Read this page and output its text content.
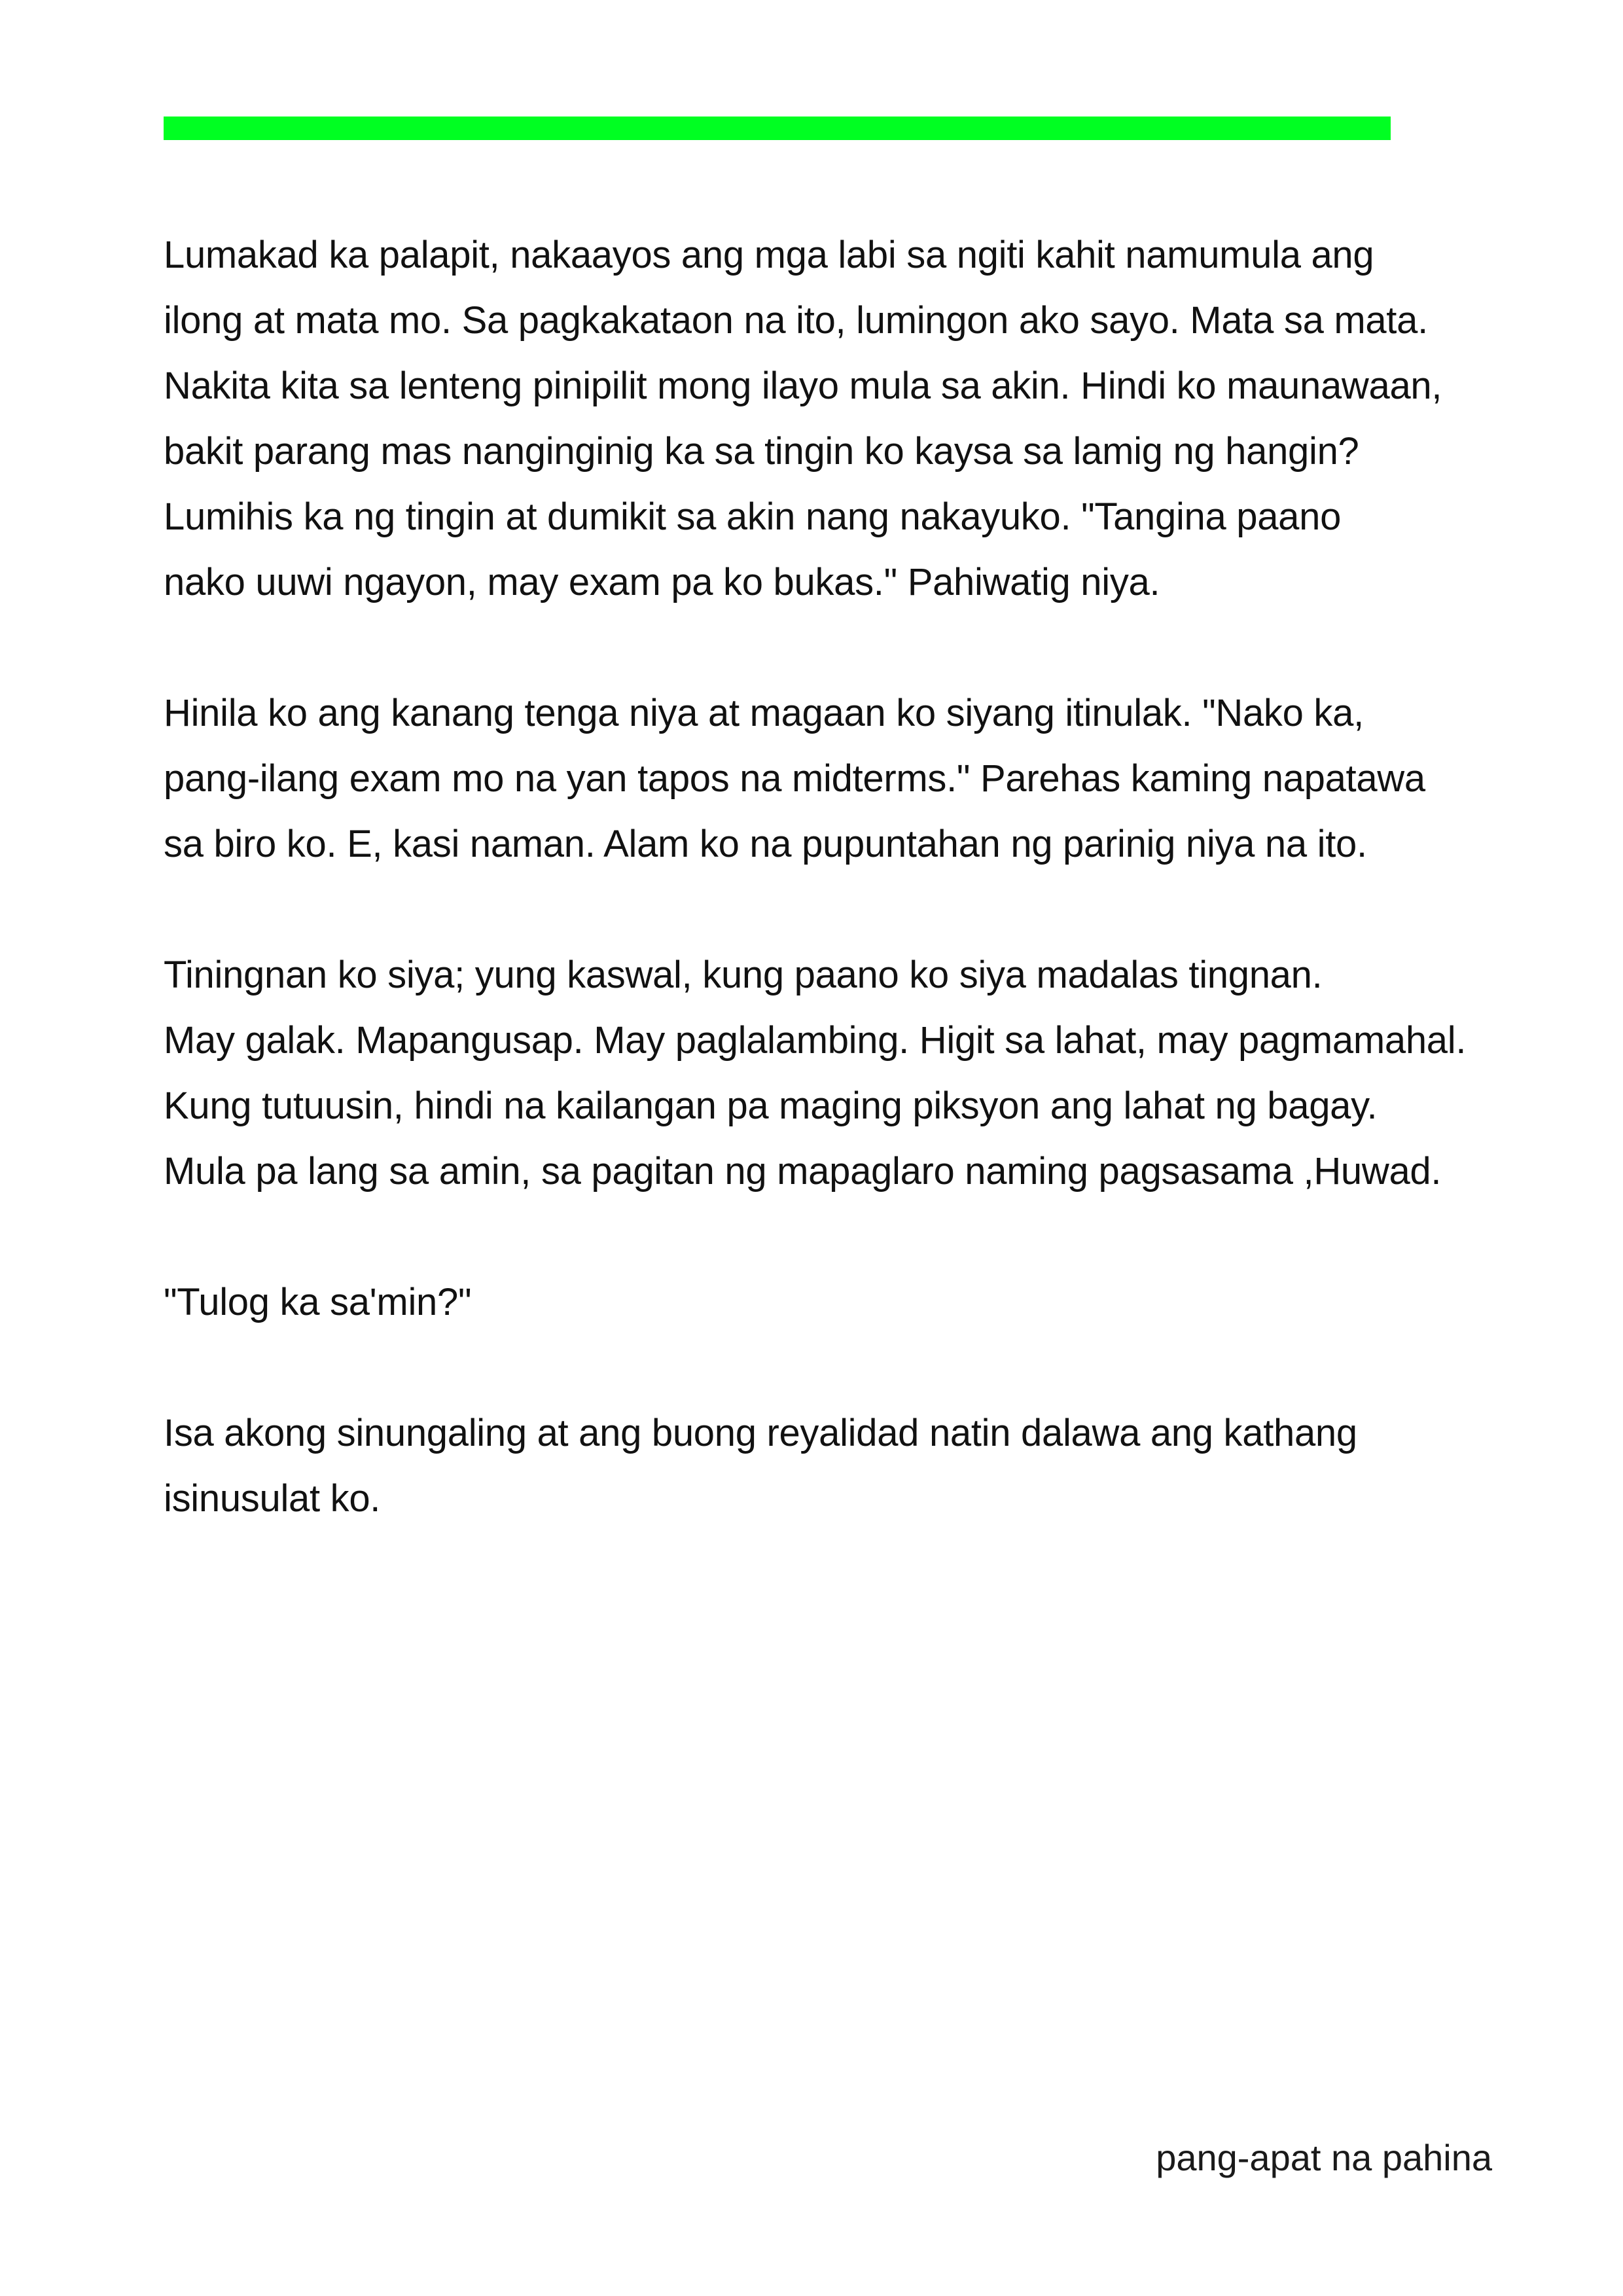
Lumakad ka palapit, nakaayos ang mga labi sa ngiti kahit namumula ang
ilong at mata mo. Sa pagkakataon na ito, lumingon ako sayo. Mata sa mata.
Nakita kita sa lenteng pinipilit mong ilayo mula sa akin. Hindi ko maunawaan,
bakit parang mas nanginginig ka sa tingin ko kaysa sa lamig ng hangin?
Lumihis ka ng tingin at dumikit sa akin nang nakayuko. "Tangina paano
nako uuwi ngayon, may exam pa ko bukas." Pahiwatig niya.

Hinila ko ang kanang tenga niya at magaan ko siyang itinulak. "Nako ka,
pang-ilang exam mo na yan tapos na midterms." Parehas kaming napatawa
sa biro ko. E, kasi naman. Alam ko na pupuntahan ng parinig niya na ito.

Tiningnan ko siya; yung kaswal, kung paano ko siya madalas tingnan.
May galak. Mapangusap. May paglalambing. Higit sa lahat, may pagmamahal.
Kung tutuusin, hindi na kailangan pa maging piksyon ang lahat ng bagay.
Mula pa lang sa amin, sa pagitan ng mapaglaro naming pagsasama ,Huwad.

"Tulog ka sa'min?"

Isa akong sinungaling at ang buong reyalidad natin dalawa ang kathang
isinusulat ko.

pang-apat na pahina
